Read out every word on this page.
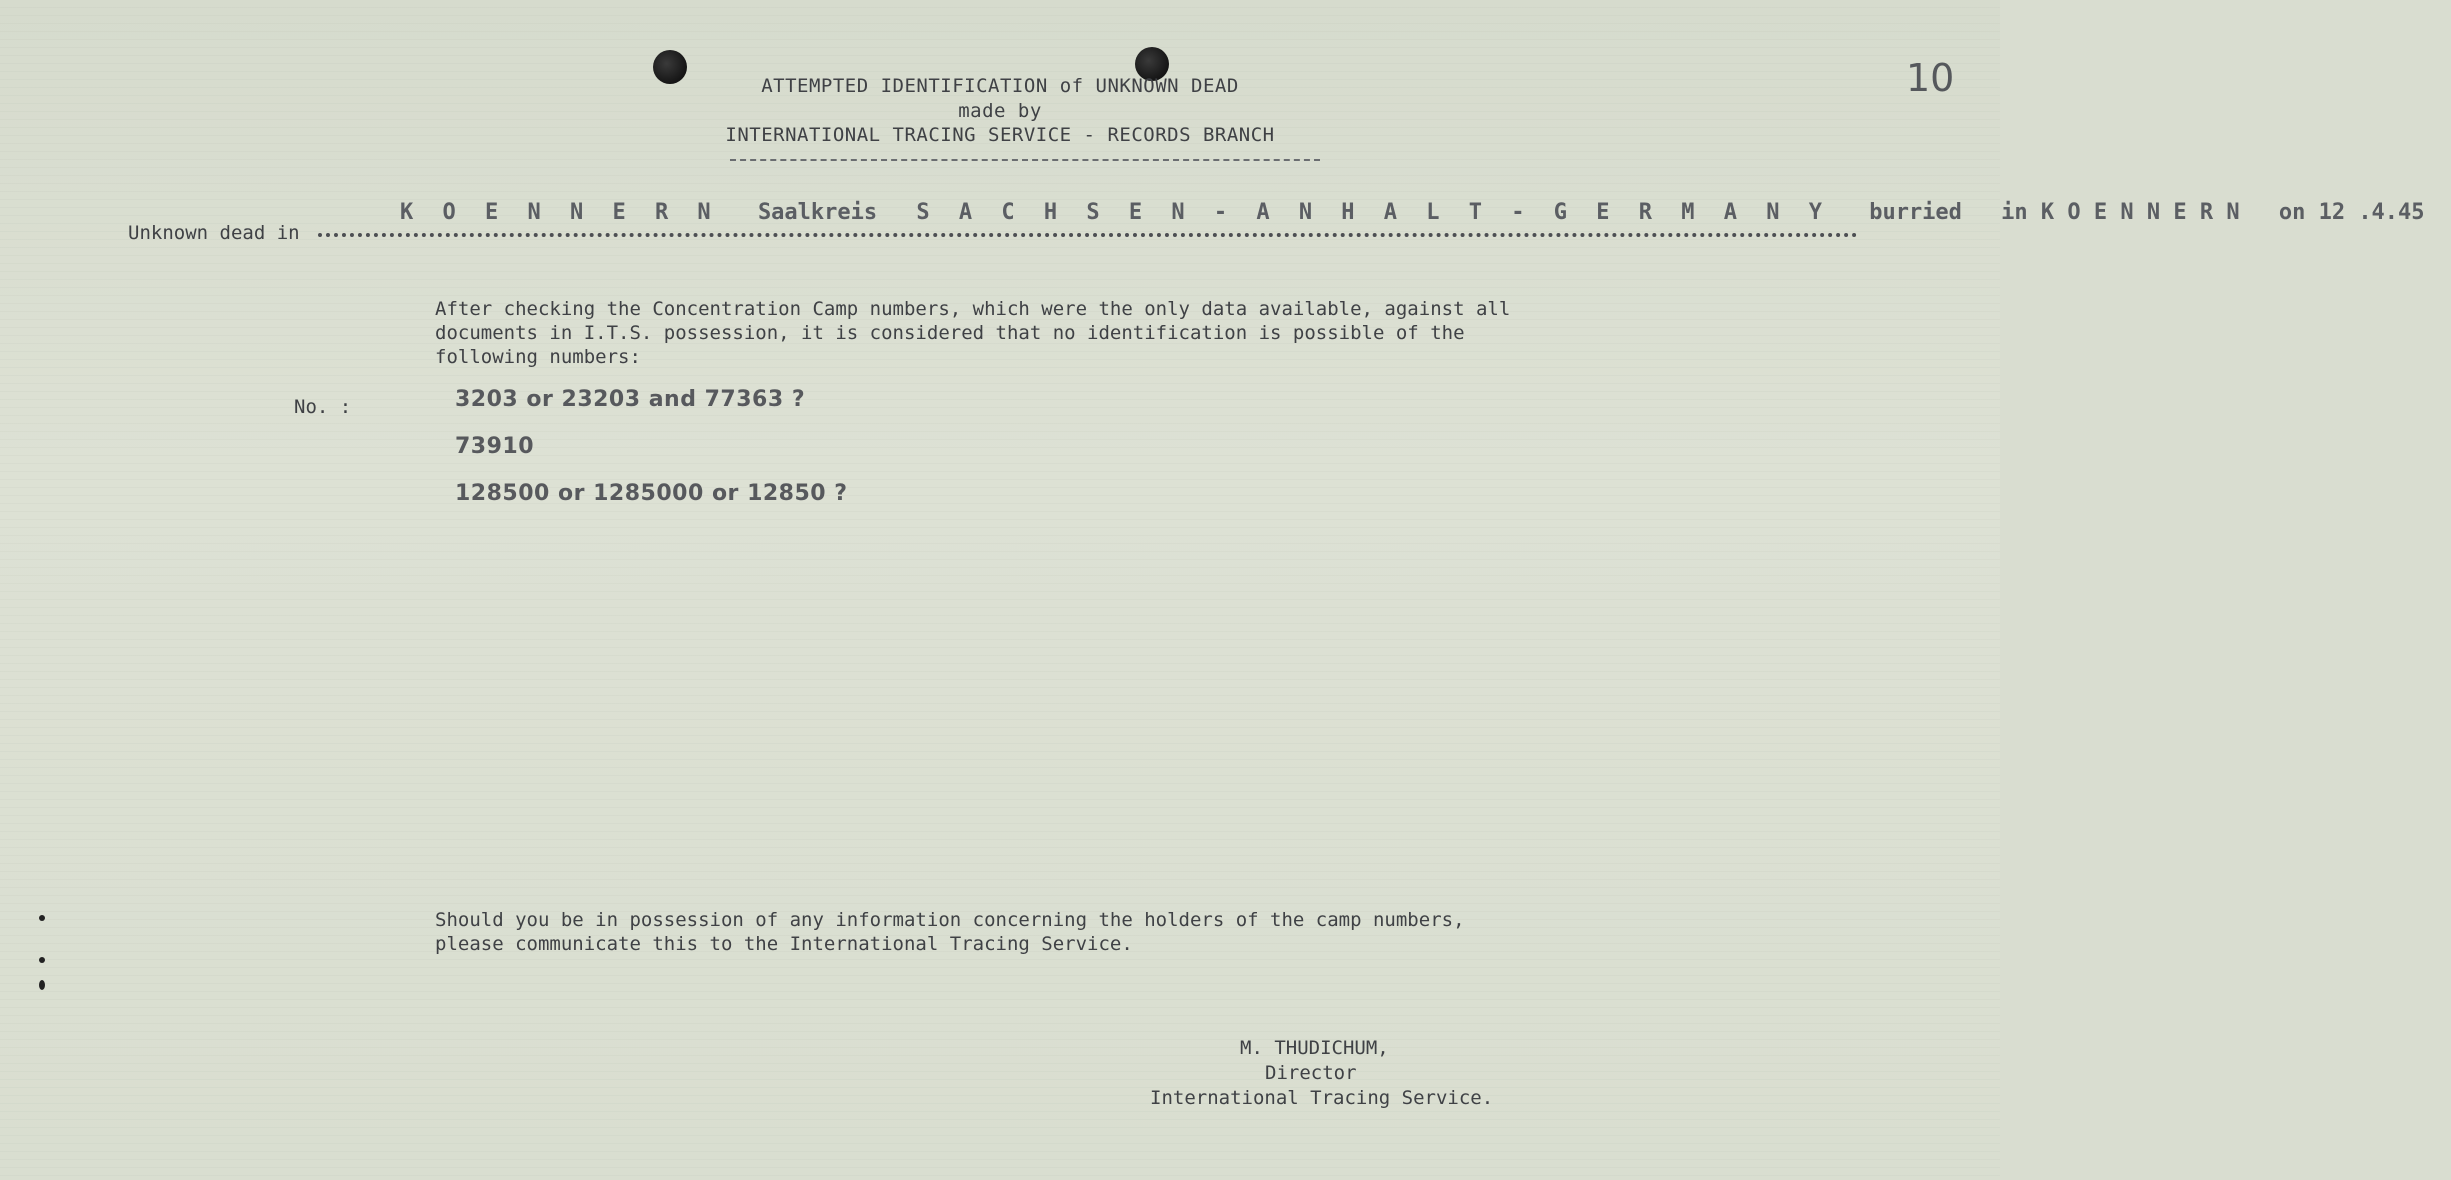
ATTEMPTED IDENTIFICATION of UNKNOWN DEAD
made by
INTERNATIONAL TRACING SERVICE - RECORDS BRANCH
10
Unknown dead in
K O E N N E R N Saalkreis S A C H S E N - A N H A L T - G E R M A N Y burried in K O E N N E R N on 12 .4.45
After checking the Concentration Camp numbers, which were the only data available, against all
documents in I.T.S. possession, it is considered that no identification is possible of the
following numbers:
No. :	3203 or 23203 and 77363 ?
73910
128500 or 1285000 or 12850 ?
Should you be in possession of any information concerning the holders of the camp numbers,
please communicate this to the International Tracing Service.
M. THUDICHUM,
Director
International Tracing Service.
